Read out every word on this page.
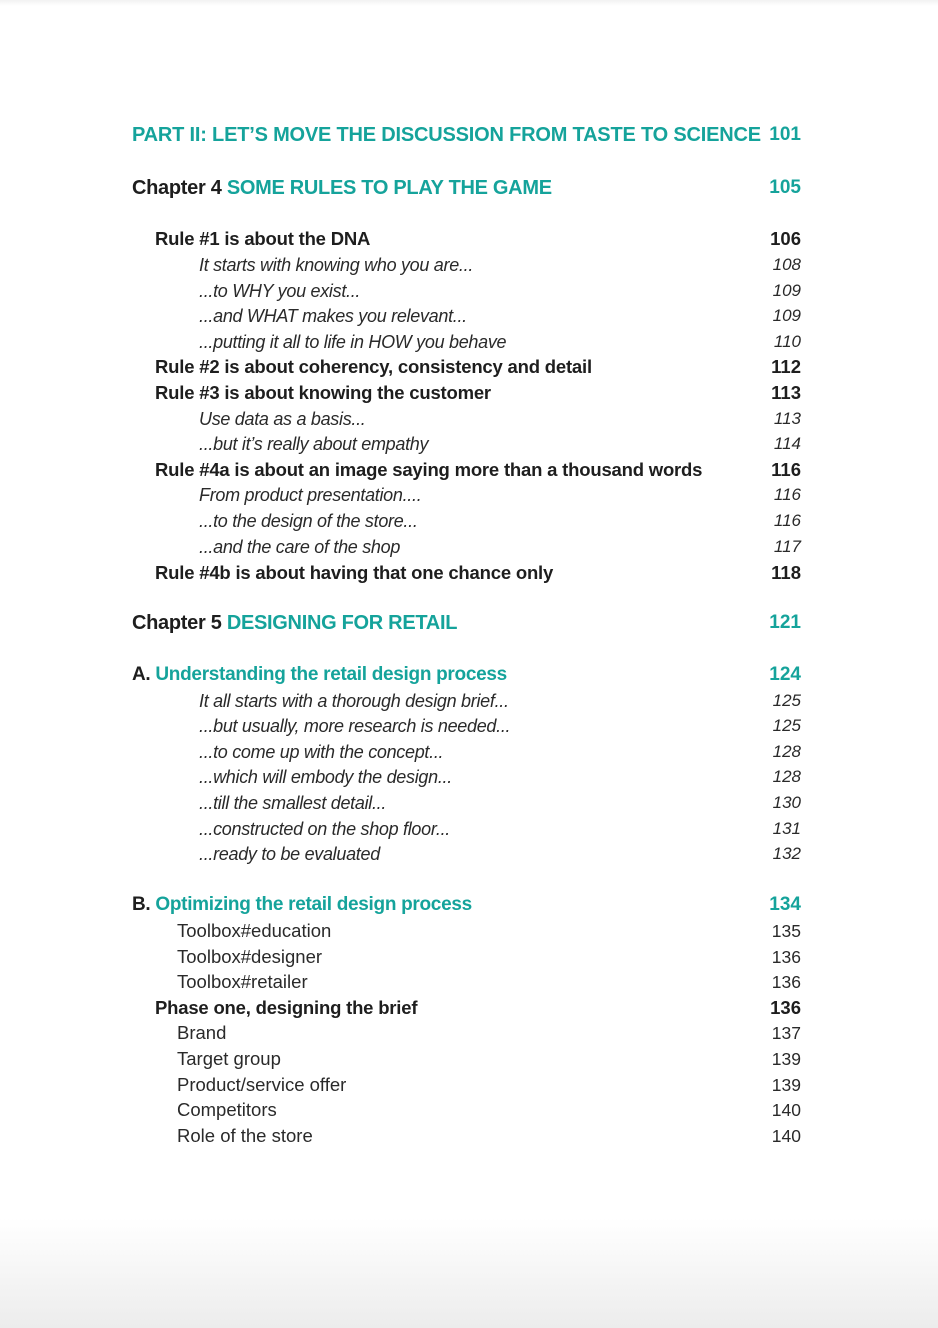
PART II: LET’S MOVE THE DISCUSSION FROM TASTE TO SCIENCE 101
Chapter 4 SOME RULES TO PLAY THE GAME	105
Rule #1 is about the DNA	106
It starts with knowing who you are...	108
...to WHY you exist...	109
...and WHAT makes you relevant...	109
...putting it all to life in HOW you behave	110
Rule #2 is about coherency, consistency and detail	112
Rule #3 is about knowing the customer	113
Use data as a basis...	113
...but it’s really about empathy	114
Rule #4a is about an image saying more than a thousand words	116
From product presentation....	116
...to the design of the store...	116
...and the care of the shop	117
Rule #4b is about having that one chance only	118
Chapter 5 DESIGNING FOR RETAIL	121
A. Understanding the retail design process	124
It all starts with a thorough design brief...	125
...but usually, more research is needed...	125
...to come up with the concept...	128
...which will embody the design...	128
...till the smallest detail...	130
...constructed on the shop floor...	131
...ready to be evaluated	132
B. Optimizing the retail design process	134
Toolbox#education	135
Toolbox#designer	136
Toolbox#retailer	136
Phase one, designing the brief	136
Brand	137
Target group	139
Product/service offer	139
Competitors	140
Role of the store	140
